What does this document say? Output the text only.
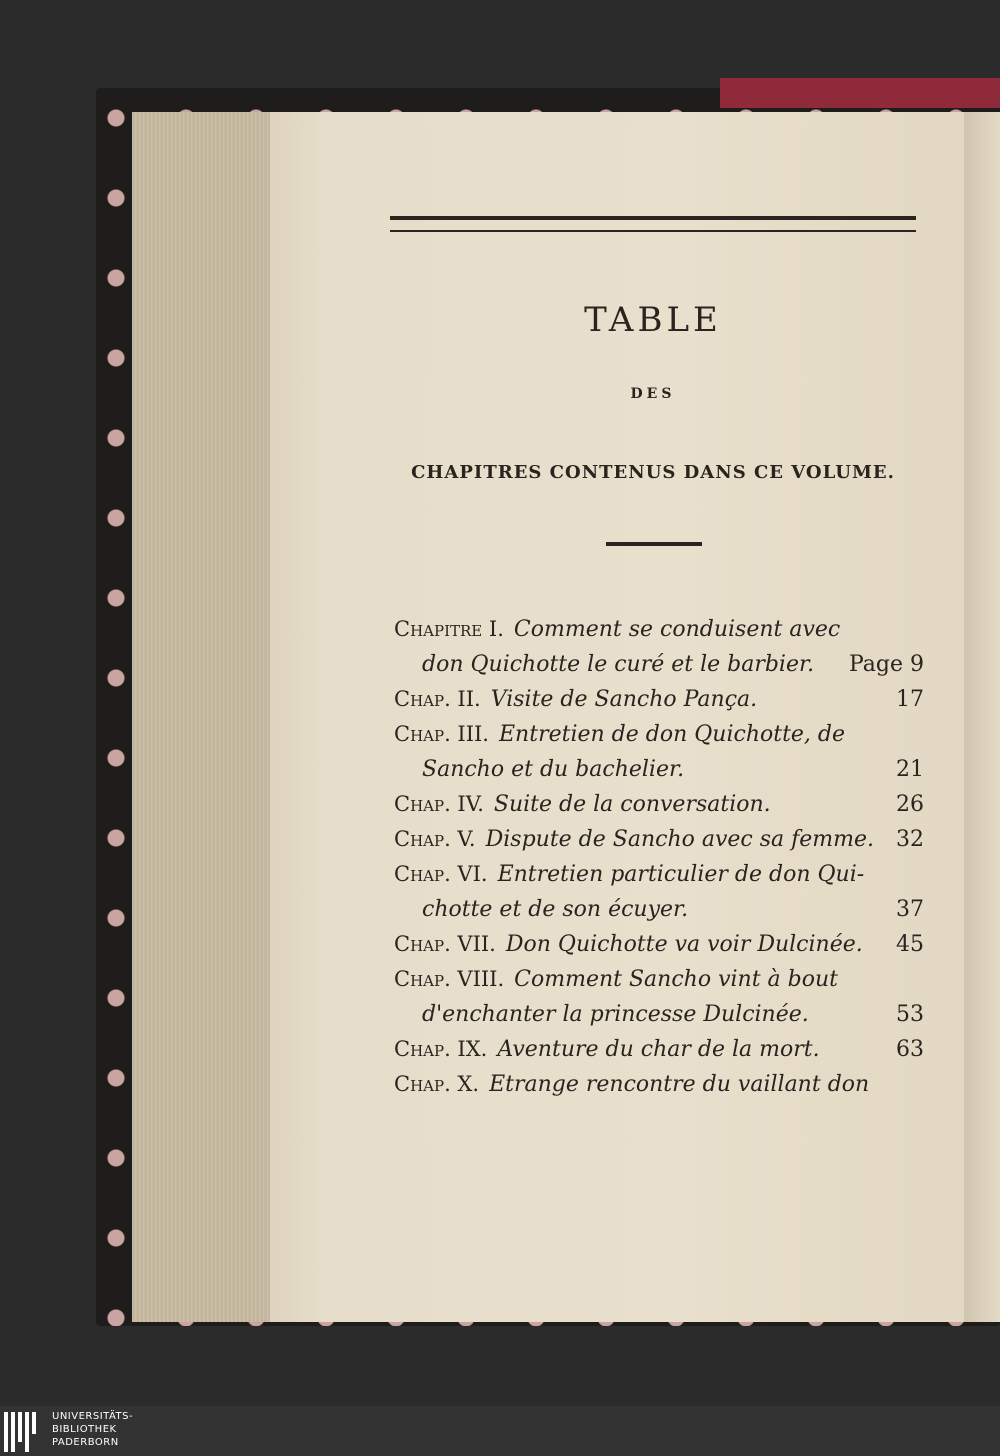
TABLE
DES
CHAPITRES CONTENUS DANS CE VOLUME.
Chapitre I. Comment se conduisent avec
don Quichotte le curé et le barbier.	Page 9
Chap. II. Visite de Sancho Pança.	17
Chap. III. Entretien de don Quichotte, de
Sancho et du bachelier.	21
Chap. IV. Suite de la conversation.	26
Chap. V. Dispute de Sancho avec sa femme. 32
Chap. VI. Entretien particulier de don Qui-
chotte et de son écuyer.	37
Chap. VII. Don Quichotte va voir Dulcinée.	45
Chap. VIII. Comment Sancho vint à bout
d'enchanter la princesse Dulcinée.	53
Chap. IX. Aventure du char de la mort.	63
Chap. X. Etrange rencontre du vaillant don
UNIVERSITÄTS-
BIBLIOTHEK
PADERBORN
